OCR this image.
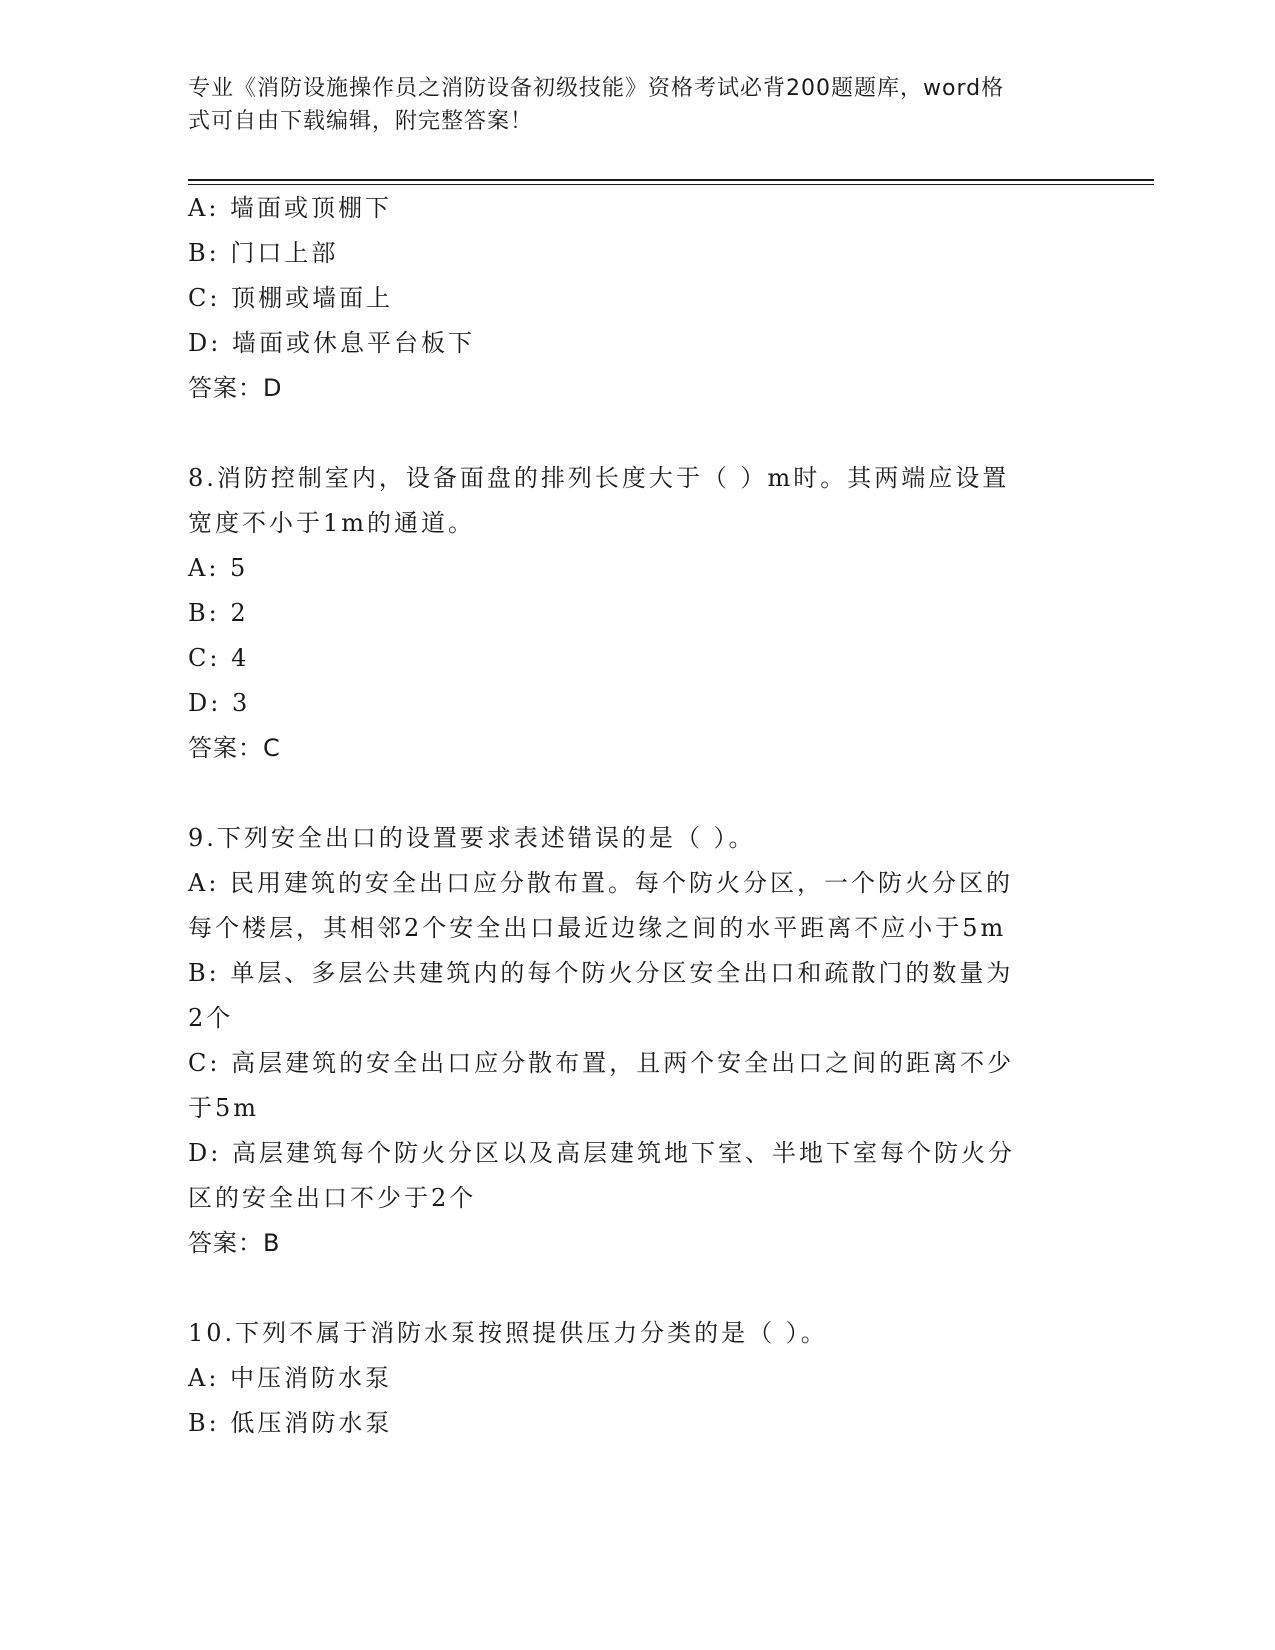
专业《消防设施操作员之消防设备初级技能》资格考试必背200题题库，word格
式可自由下载编辑，附完整答案！
A: 墙面或顶棚下
B: 门口上部
C: 顶棚或墙面上
D: 墙面或休息平台板下
答案：D
8.消防控制室内，设备面盘的排列长度大于（ ）m时。其两端应设置
宽度不小于1m的通道。
A: 5
B: 2
C: 4
D: 3
答案：C
9.下列安全出口的设置要求表述错误的是（ ）。
A: 民用建筑的安全出口应分散布置。每个防火分区，一个防火分区的
每个楼层，其相邻2个安全出口最近边缘之间的水平距离不应小于5m
B: 单层、多层公共建筑内的每个防火分区安全出口和疏散门的数量为
2个
C: 高层建筑的安全出口应分散布置，且两个安全出口之间的距离不少
于5m
D: 高层建筑每个防火分区以及高层建筑地下室、半地下室每个防火分
区的安全出口不少于2个
答案：B
10.下列不属于消防水泵按照提供压力分类的是（ ）。
A: 中压消防水泵
B: 低压消防水泵
